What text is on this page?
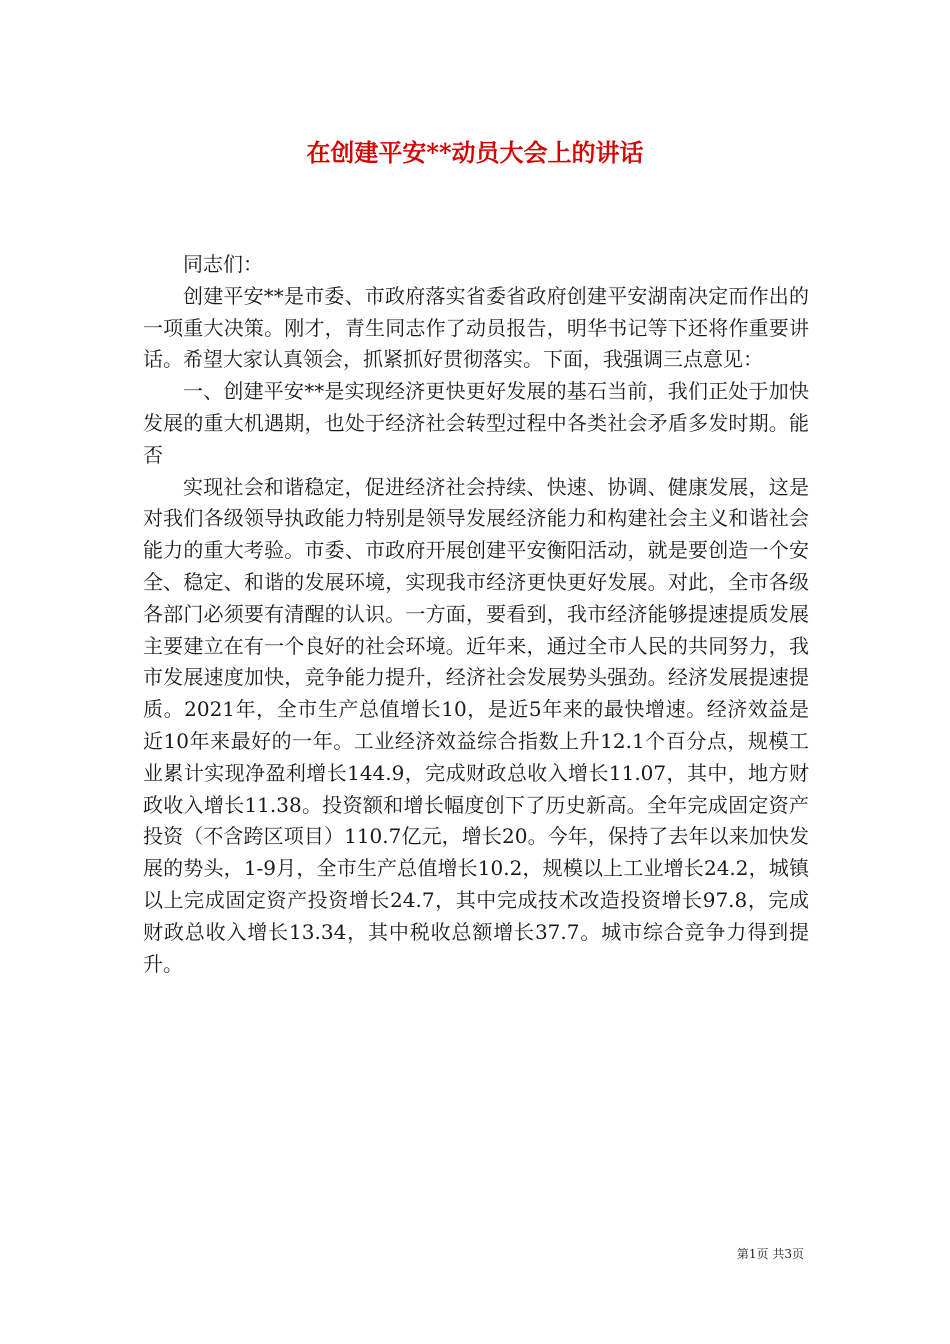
在创建平安**动员大会上的讲话

同志们：

创建平安**是市委、市政府落实省委省政府创建平安湖南决定而作出的一项重大决策。刚才，青生同志作了动员报告，明华书记等下还将作重要讲话。希望大家认真领会，抓紧抓好贯彻落实。下面，我强调三点意见：

一、创建平安**是实现经济更快更好发展的基石当前，我们正处于加快发展的重大机遇期，也处于经济社会转型过程中各类社会矛盾多发时期。能否

实现社会和谐稳定，促进经济社会持续、快速、协调、健康发展，这是对我们各级领导执政能力特别是领导发展经济能力和构建社会主义和谐社会能力的重大考验。市委、市政府开展创建平安衡阳活动，就是要创造一个安全、稳定、和谐的发展环境，实现我市经济更快更好发展。对此，全市各级各部门必须要有清醒的认识。一方面，要看到，我市经济能够提速提质发展主要建立在有一个良好的社会环境。近年来，通过全市人民的共同努力，我市发展速度加快，竞争能力提升，经济社会发展势头强劲。经济发展提速提质。2021年，全市生产总值增长10，是近5年来的最快增速。经济效益是近10年来最好的一年。工业经济效益综合指数上升12.1个百分点，规模工业累计实现净盈利增长144.9，完成财政总收入增长11.07，其中，地方财政收入增长11.38。投资额和增长幅度创下了历史新高。全年完成固定资产投资（不含跨区项目）110.7亿元，增长20。今年，保持了去年以来加快发展的势头，1-9月，全市生产总值增长10.2，规模以上工业增长24.2，城镇以上完成固定资产投资增长24.7，其中完成技术改造投资增长97.8，完成财政总收入增长13.34，其中税收总额增长37.7。城市综合竞争力得到提升。

第1页 共3页
